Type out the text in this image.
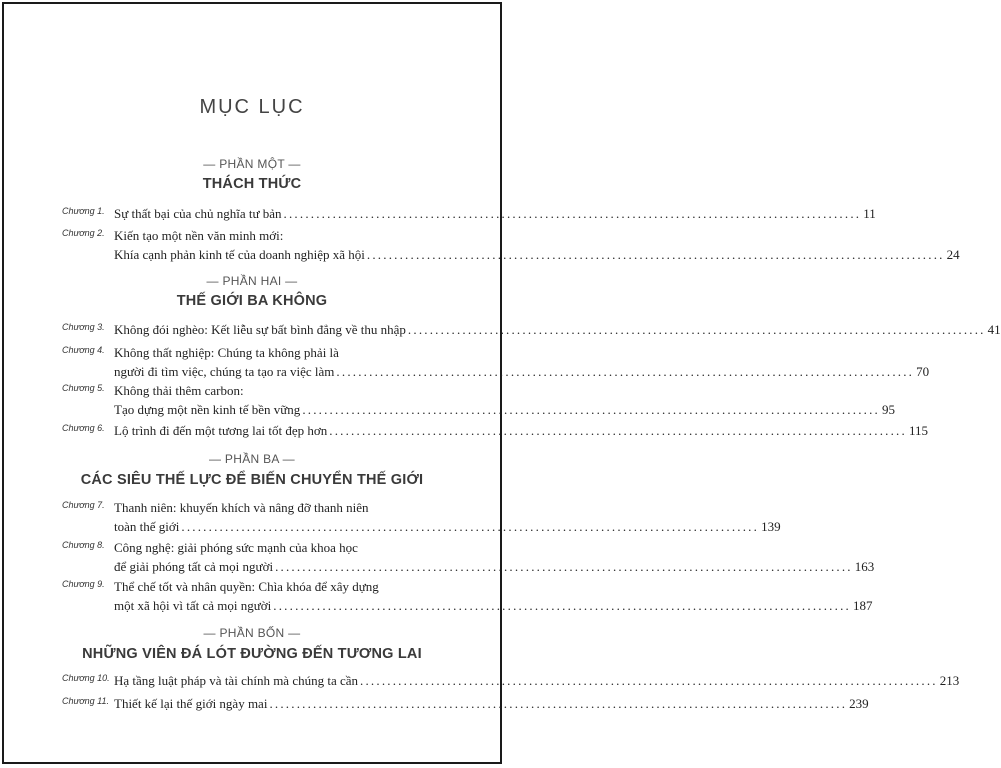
MỤC LỤC
— PHẦN MỘT —
THÁCH THỨC
Chương 1. Sự thất bại của chủ nghĩa tư bản .......................................................................................................... 11
Chương 2. Kiến tạo một nền văn minh mới:
Khía cạnh phản kinh tế của doanh nghiệp xã hội .......................................................................................................... 24
— PHẦN HAI —
THẾ GIỚI BA KHÔNG
Chương 3. Không đói nghèo: Kết liễu sự bất bình đẳng về thu nhập .......................................................................................................... 41
Chương 4. Không thất nghiệp: Chúng ta không phải là
người đi tìm việc, chúng ta tạo ra việc làm .......................................................................................................... 70
Chương 5. Không thải thêm carbon:
Tạo dựng một nền kinh tế bền vững .......................................................................................................... 95
Chương 6. Lộ trình đi đến một tương lai tốt đẹp hơn .......................................................................................................... 115
— PHẦN BA —
CÁC SIÊU THẾ LỰC ĐỂ BIẾN CHUYỂN THẾ GIỚI
Chương 7. Thanh niên: khuyến khích và nâng đỡ thanh niên
toàn thế giới .......................................................................................................... 139
Chương 8. Công nghệ: giải phóng sức mạnh của khoa học
để giải phóng tất cả mọi người .......................................................................................................... 163
Chương 9. Thể chế tốt và nhân quyền: Chìa khóa để xây dựng
một xã hội vì tất cả mọi người .......................................................................................................... 187
— PHẦN BỐN —
NHỮNG VIÊN ĐÁ LÓT ĐƯỜNG ĐẾN TƯƠNG LAI
Chương 10. Hạ tầng luật pháp và tài chính mà chúng ta cần .......................................................................................................... 213
Chương 11. Thiết kế lại thế giới ngày mai .......................................................................................................... 239
